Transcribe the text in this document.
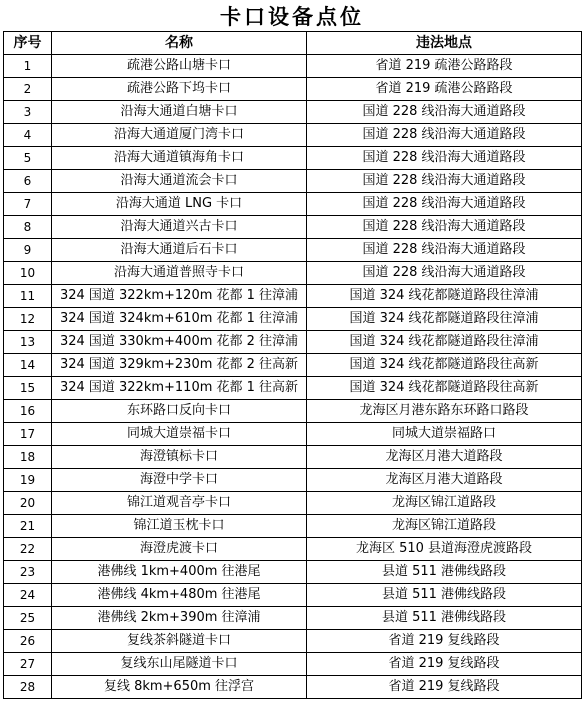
卡口设备点位
序号	名称	违法地点
1	疏港公路山塘卡口	省道 219 疏港公路路段
2	疏港公路下坞卡口	省道 219 疏港公路路段
3	沿海大通道白塘卡口	国道 228 线沿海大通道路段
4	沿海大通道厦门湾卡口	国道 228 线沿海大通道路段
5	沿海大通道镇海角卡口	国道 228 线沿海大通道路段
6	沿海大通道流会卡口	国道 228 线沿海大通道路段
7	沿海大通道 LNG 卡口	国道 228 线沿海大通道路段
8	沿海大通道兴古卡口	国道 228 线沿海大通道路段
9	沿海大通道后石卡口	国道 228 线沿海大通道路段
10	沿海大通道普照寺卡口	国道 228 线沿海大通道路段
11	324 国道 322km+120m 花都 1 往漳浦	国道 324 线花都隧道路段往漳浦
12	324 国道 324km+610m 花都 1 往漳浦	国道 324 线花都隧道路段往漳浦
13	324 国道 330km+400m 花都 2 往漳浦	国道 324 线花都隧道路段往漳浦
14	324 国道 329km+230m 花都 2 往高新	国道 324 线花都隧道路段往高新
15	324 国道 322km+110m 花都 1 往高新	国道 324 线花都隧道路段往高新
16	东环路口反向卡口	龙海区月港东路东环路口路段
17	同城大道崇福卡口	同城大道崇福路口
18	海澄镇标卡口	龙海区月港大道路段
19	海澄中学卡口	龙海区月港大道路段
20	锦江道观音亭卡口	龙海区锦江道路段
21	锦江道玉枕卡口	龙海区锦江道路段
22	海澄虎渡卡口	龙海区 510 县道海澄虎渡路段
23	港佛线 1km+400m 往港尾	县道 511 港佛线路段
24	港佛线 4km+480m 往港尾	县道 511 港佛线路段
25	港佛线 2km+390m 往漳浦	县道 511 港佛线路段
26	复线茶斜隧道卡口	省道 219 复线路段
27	复线东山尾隧道卡口	省道 219 复线路段
28	复线 8km+650m 往浮宫	省道 219 复线路段
